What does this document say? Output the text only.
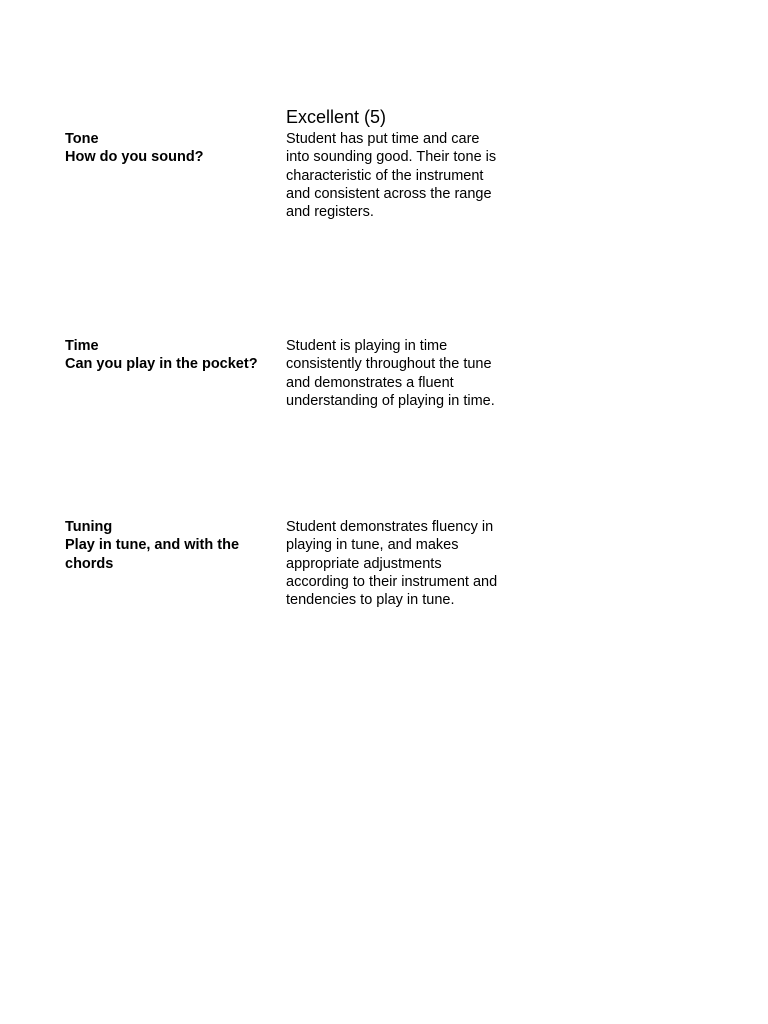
Excellent (5)
Tone
How do you sound?
Student has put time and care
into sounding good. Their tone is
characteristic of the instrument
and consistent across the range
and registers.
Time
Can you play in the pocket?
Student is playing in time
consistently throughout the tune
and demonstrates a fluent
understanding of playing in time.
Tuning
Play in tune, and with the
chords
Student demonstrates fluency in
playing in tune, and makes
appropriate adjustments
according to their instrument and
tendencies to play in tune.
